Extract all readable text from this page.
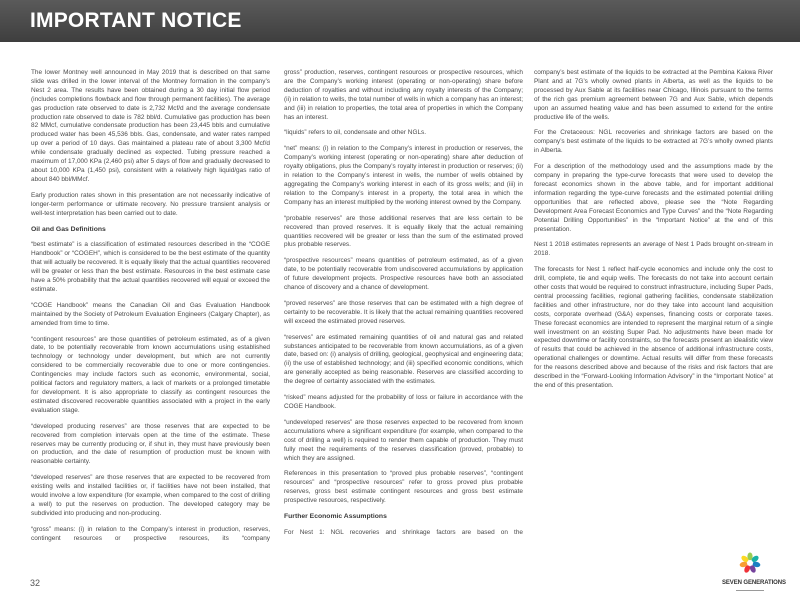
IMPORTANT NOTICE

The lower Montney well announced in May 2019 that is described on that same slide was drilled in the lower interval of the Montney formation in the company’s Nest 2 area. The results have been obtained during a 30 day initial flow period (includes completions flowback and flow through permanent facilities). The average gas production rate observed to date is 2,732 Mcf/d and the average condensate production rate observed to date is 782 bbl/d. Cumulative gas production has been 82 MMcf, cumulative condensate production has been 23,445 bbls and cumulative produced water has been 45,536 bbls. Gas, condensate, and water rates ramped up over a period of 10 days. Gas maintained a plateau rate of about 3,300 Mcf/d while condensate gradually declined as expected. Tubing pressure reached a maximum of 17,000 KPa (2,460 psi) after 5 days of flow and gradually decreased to about 10,000 KPa (1,450 psi), consistent with a relatively high liquid/gas ratio of about 840 bbl/MMcf.

Early production rates shown in this presentation are not necessarily indicative of longer-term performance or ultimate recovery. No pressure transient analysis or well-test interpretation has been carried out to date.

Oil and Gas Definitions

“best estimate” is a classification of estimated resources described in the “COGE Handbook” or “COGEH”, which is considered to be the best estimate of the quantity that will actually be recovered. It is equally likely that the actual quantities recovered will be greater or less than the best estimate. Resources in the best estimate case have a 50% probability that the actual quantities recovered will equal or exceed the estimate.

“COGE Handbook” means the Canadian Oil and Gas Evaluation Handbook maintained by the Society of Petroleum Evaluation Engineers (Calgary Chapter), as amended from time to time.

“contingent resources” are those quantities of petroleum estimated, as of a given date, to be potentially recoverable from known accumulations using established technology or technology under development, but which are not currently considered to be commercially recoverable due to one or more contingencies. Contingencies may include factors such as economic, environmental, social, political factors and regulatory matters, a lack of markets or a prolonged timetable for development. It is also appropriate to classify as contingent resources the estimated discovered recoverable quantities associated with a project in the early evaluation stage.

“developed producing reserves” are those reserves that are expected to be recovered from completion intervals open at the time of the estimate. These reserves may be currently producing or, if shut in, they must have previously been on production, and the date of resumption of production must be known with reasonable certainty.

“developed reserves” are those reserves that are expected to be recovered from existing wells and installed facilities or, if facilities have not been installed, that would involve a low expenditure (for example, when compared to the cost of drilling a well) to put the reserves on production. The developed category may be subdivided into producing and non-producing.

“gross” means: (i) in relation to the Company’s interest in production, reserves, contingent resources or prospective resources, its “company

gross” production, reserves, contingent resources or prospective resources, which are the Company’s working interest (operating or non-operating) share before deduction of royalties and without including any royalty interests of the Company; (ii) in relation to wells, the total number of wells in which a company has an interest; and (iii) in relation to properties, the total area of properties in which the Company has an interest.

“liquids” refers to oil, condensate and other NGLs.

“net” means: (i) in relation to the Company’s interest in production or reserves, the Company’s working interest (operating or non-operating) share after deduction of royalty obligations, plus the Company’s royalty interest in production or reserves; (ii) in relation to the Company’s interest in wells, the number of wells obtained by aggregating the Company’s working interest in each of its gross wells; and (iii) in relation to the Company’s interest in a property, the total area in which the Company has an interest multiplied by the working interest owned by the Company.

“probable reserves” are those additional reserves that are less certain to be recovered than proved reserves. It is equally likely that the actual remaining quantities recovered will be greater or less than the sum of the estimated proved plus probable reserves.

“prospective resources” means quantities of petroleum estimated, as of a given date, to be potentially recoverable from undiscovered accumulations by application of future development projects. Prospective resources have both an associated chance of discovery and a chance of development.

“proved reserves” are those reserves that can be estimated with a high degree of certainty to be recoverable. It is likely that the actual remaining quantities recovered will exceed the estimated proved reserves.

“reserves” are estimated remaining quantities of oil and natural gas and related substances anticipated to be recoverable from known accumulations, as of a given date, based on: (i) analysis of drilling, geological, geophysical and engineering data; (ii) the use of established technology; and (iii) specified economic conditions, which are generally accepted as being reasonable. Reserves are classified according to the degree of certainty associated with the estimates.

“risked” means adjusted for the probability of loss or failure in accordance with the COGE Handbook.

“undeveloped reserves” are those reserves expected to be recovered from known accumulations where a significant expenditure (for example, when compared to the cost of drilling a well) is required to render them capable of production. They must fully meet the requirements of the reserves classification (proved, probable) to which they are assigned.

References in this presentation to “proved plus probable reserves”, “contingent resources” and “prospective resources” refer to gross proved plus probable reserves, gross best estimate contingent resources and gross best estimate prospective resources, respectively.

Further Economic Assumptions

For Nest 1: NGL recoveries and shrinkage factors are based on the

company’s best estimate of the liquids to be extracted at the Pembina Kakwa River Plant and at 7G’s wholly owned plants in Alberta, as well as the liquids to be processed by Aux Sable at its facilities near Chicago, Illinois pursuant to the terms of the rich gas premium agreement between 7G and Aux Sable, which depends upon an assumed heating value and has been assumed to extend for the entire productive life of the wells.

For the Cretaceous: NGL recoveries and shrinkage factors are based on the company’s best estimate of the liquids to be extracted at 7G’s wholly owned plants in Alberta.

For a description of the methodology used and the assumptions made by the company in preparing the type-curve forecasts that were used to develop the forecast economics shown in the above table, and for important additional information regarding the type-curve forecasts and the estimated potential drilling opportunities that are reflected above, please see the “Note Regarding Development Area Forecast Economics and Type Curves” and the “Note Regarding Potential Drilling Opportunities” in the “Important Notice” at the end of this presentation.

Nest 1 2018 estimates represents an average of Nest 1 Pads brought on-stream in 2018.

The forecasts for Nest 1 reflect half-cycle economics and include only the cost to drill, complete, tie and equip wells. The forecasts do not take into account certain other costs that would be required to construct infrastructure, including Super Pads, central processing facilities, regional gathering facilities, condensate stabilization facilities and other infrastructure, nor do they take into account land acquisition costs, corporate overhead (G&A) expenses, financing costs or corporate taxes. These forecast economics are intended to represent the marginal return of a single well investment on an existing Super Pad. No adjustments have been made for expected downtime or facility constraints, so the forecasts present an idealistic view of results that could be achieved in the absence of additional infrastructure costs, operational challenges or downtime. Actual results will differ from these forecasts for the reasons described above and because of the risks and risk factors that are described in the “Forward-Looking Information Advisory” in the “Important Notice” at the end of this presentation.

32	SEVEN GENERATIONS
